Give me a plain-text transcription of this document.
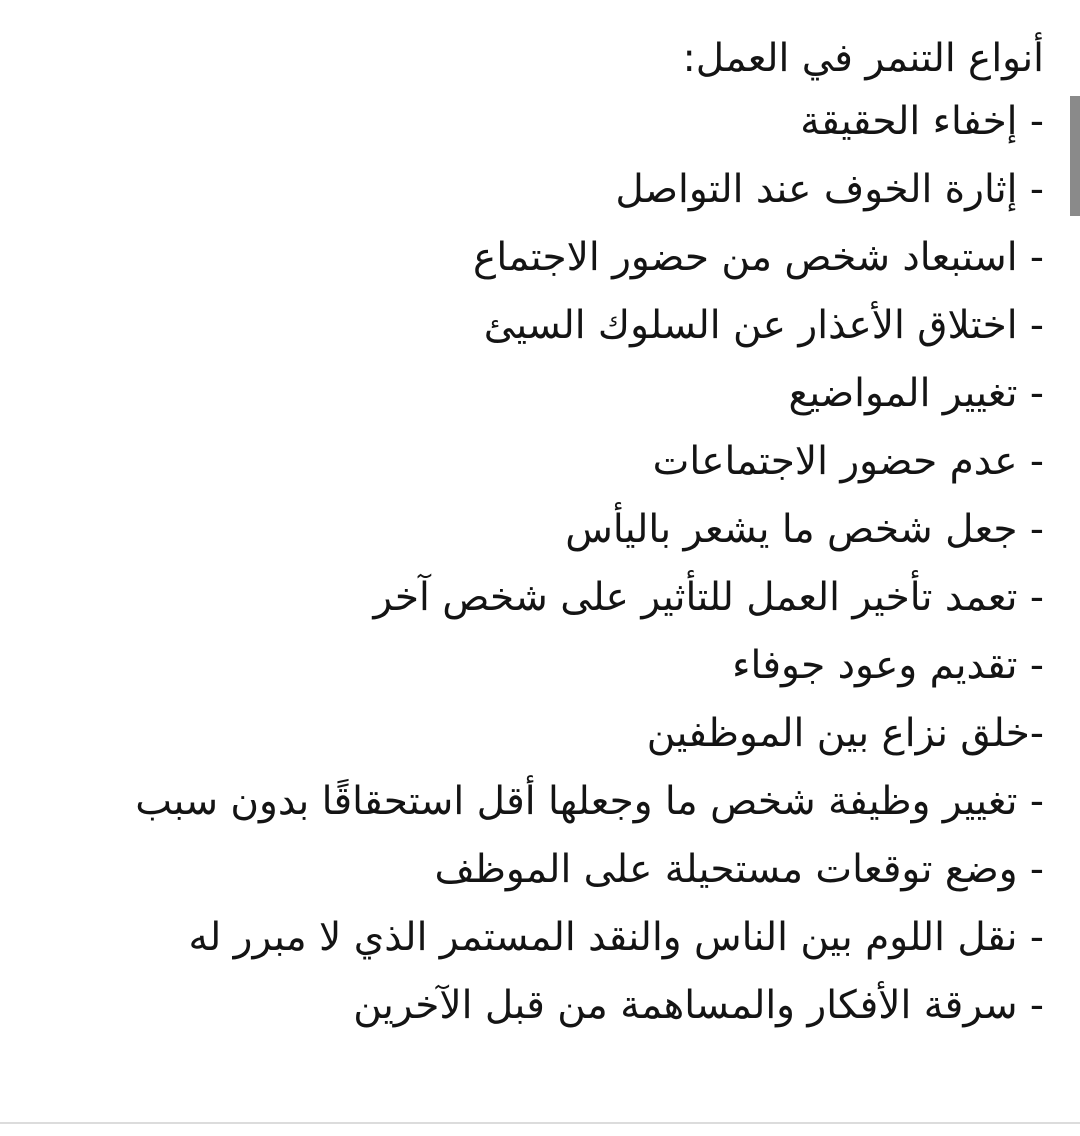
أنواع التنمر في العمل:
- إخفاء الحقيقة
- إثارة الخوف عند التواصل
- استبعاد شخص من حضور الاجتماع
- اختلاق الأعذار عن السلوك السيئ
- تغيير المواضيع
- عدم حضور الاجتماعات
- جعل شخص ما يشعر باليأس
- تعمد تأخير العمل للتأثير على شخص آخر
- تقديم وعود جوفاء
-خلق نزاع بين الموظفين
- تغيير وظيفة شخص ما وجعلها أقل استحقاقًا بدون سبب
- وضع توقعات مستحيلة على الموظف
- نقل اللوم بين الناس والنقد المستمر الذي لا مبرر له
- سرقة الأفكار والمساهمة من قبل الآخرين
